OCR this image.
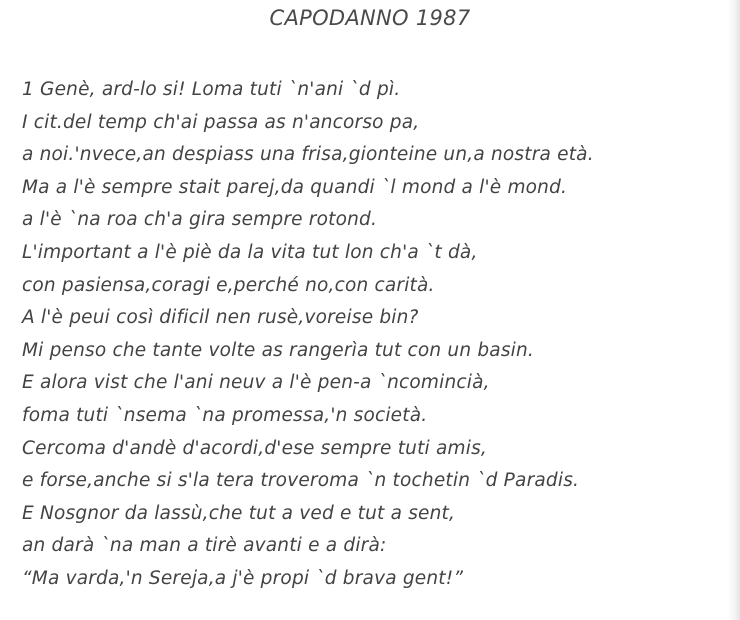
CAPODANNO 1987
1 Genè, ard-lo si! Loma tuti `n'ani `d pì.
I cit.del temp ch'ai passa as n'ancorso pa,
a noi.'nvece,an despiass una frisa,gionteine un,a nostra età.
Ma a l'è sempre stait parej,da quandi `l mond a l'è mond.
a l'è `na roa ch'a gira sempre rotond.
L'important a l'è piè da la vita tut lon ch'a `t dà,
con pasiensa,coragi e,perché no,con carità.
A l'è peui così dificil nen rusè,voreise bin?
Mi penso che tante volte as rangerìa tut con un basin.
E alora vist che l'ani neuv a l'è pen-a `ncomincià,
foma tuti `nsema `na promessa,'n società.
Cercoma d'andè d'acordi,d'ese sempre tuti amis,
e forse,anche si s'la tera troveroma `n tochetin `d Paradis.
E Nosgnor da lassù,che tut a ved e tut a sent,
an darà `na man a tirè avanti e a dirà:
“Ma varda,'n Sereja,a j'è propi `d brava gent!”
